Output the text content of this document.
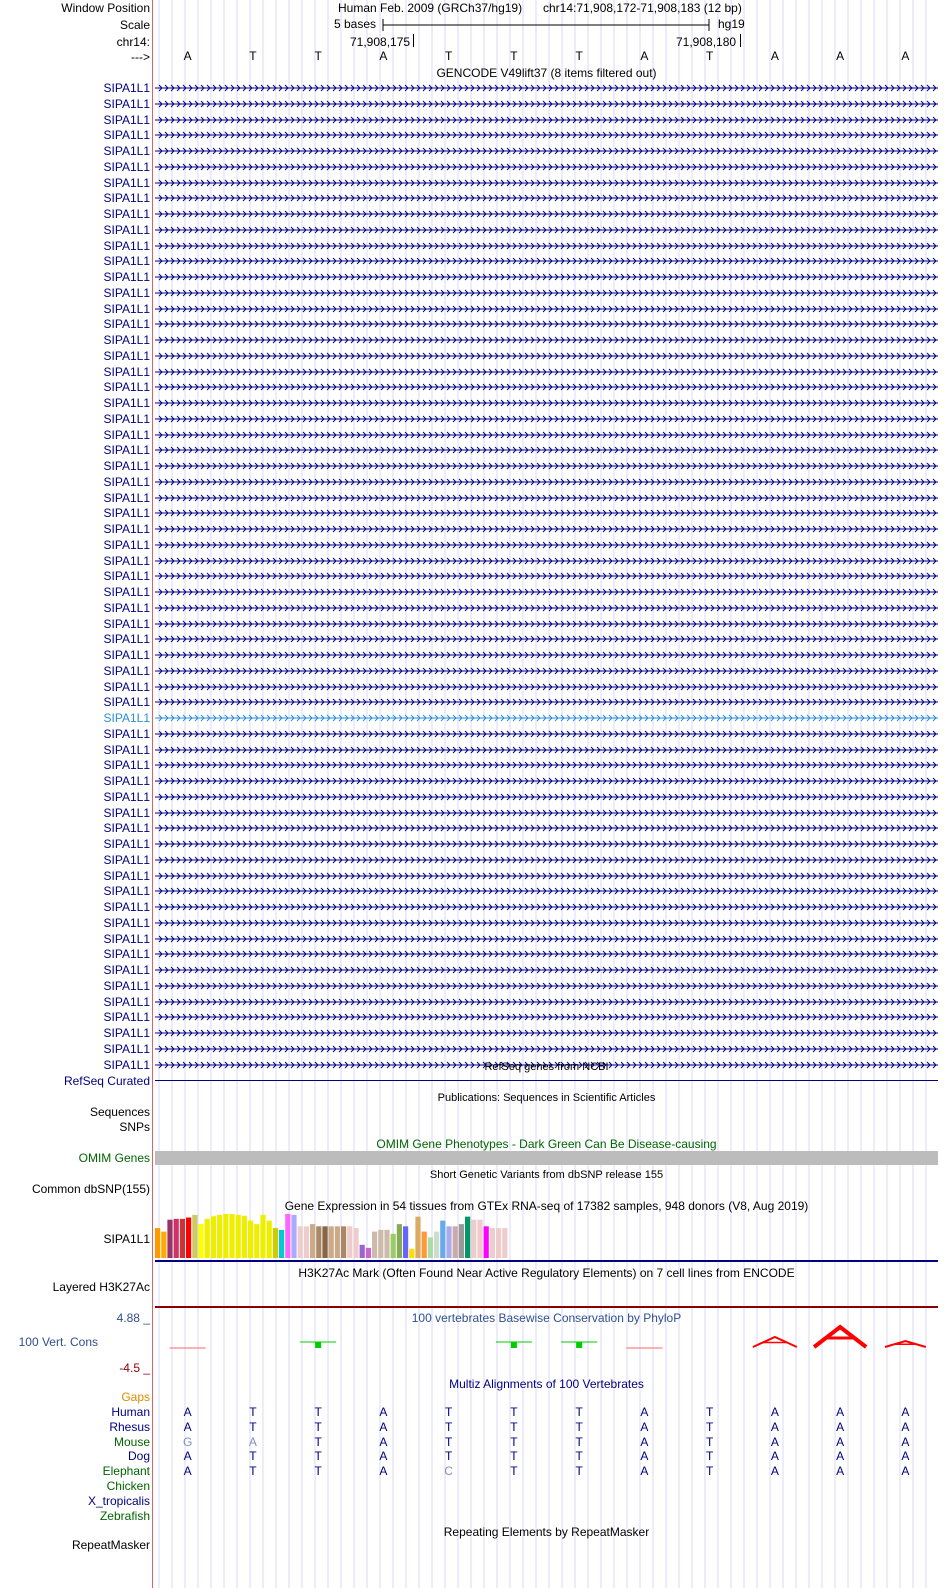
Window Position	Human Feb. 2009 (GRCh37/hg19) chr14:71,908,172-71,908,183 (12 bp)
Scale	5 bases	hg19
chr14:	71,908,175	71,908,180
--->	A	T	T	A	T	T	T	A	T	A	A	A
GENCODE V49lift37 (8 items filtered out)
SIPA1L1
SIPA1L1
SIPA1L1
SIPA1L1
SIPA1L1
SIPA1L1
SIPA1L1
SIPA1L1
SIPA1L1
SIPA1L1
SIPA1L1
SIPA1L1
SIPA1L1
SIPA1L1
SIPA1L1
SIPA1L1
SIPA1L1
SIPA1L1
SIPA1L1
SIPA1L1
SIPA1L1
SIPA1L1
SIPA1L1
SIPA1L1
SIPA1L1
SIPA1L1
SIPA1L1
SIPA1L1
SIPA1L1
SIPA1L1
SIPA1L1
SIPA1L1
SIPA1L1
SIPA1L1
SIPA1L1
SIPA1L1
SIPA1L1
SIPA1L1
SIPA1L1
SIPA1L1
SIPA1L1
SIPA1L1
SIPA1L1
SIPA1L1
SIPA1L1
SIPA1L1
SIPA1L1
SIPA1L1
SIPA1L1
SIPA1L1
SIPA1L1
SIPA1L1
SIPA1L1
SIPA1L1
SIPA1L1
SIPA1L1
SIPA1L1
SIPA1L1
SIPA1L1
SIPA1L1
SIPA1L1
SIPA1L1
SIPA1L1	RefSeq genes from NCBI
RefSeq Curated
Publications: Sequences in Scientific Articles
Sequences
SNPs
OMIM Gene Phenotypes - Dark Green Can Be Disease-causing
OMIM Genes
Short Genetic Variants from dbSNP release 155
Common dbSNP(155)
Gene Expression in 54 tissues from GTEx RNA-seq of 17382 samples, 948 donors (V8, Aug 2019)
SIPA1L1
H3K27Ac Mark (Often Found Near Active Regulatory Elements) on 7 cell lines from ENCODE
Layered H3K27Ac
100 vertebrates Basewise Conservation by PhyloP
4.88 _
100 Vert. Cons
-4.5 _
Multiz Alignments of 100 Vertebrates
Gaps
Human	A	T	T	A	T	T	T	A	T	A	A	A
Rhesus	A	T	T	A	T	T	T	A	T	A	A	A
Mouse	G	A	T	A	T	T	T	A	T	A	A	A
Dog	A	T	T	A	T	T	T	A	T	A	A	A
Elephant	A	T	T	A	C	T	T	A	T	A	A	A
Chicken
X_tropicalis
Zebrafish
Repeating Elements by RepeatMasker
RepeatMasker
